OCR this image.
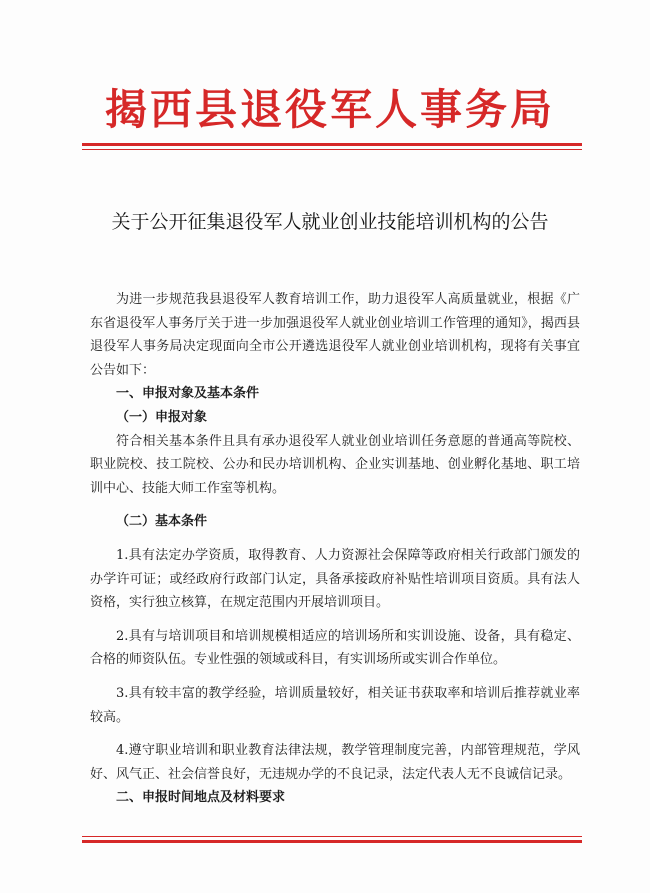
揭西县退役军人事务局
关于公开征集退役军人就业创业技能培训机构的公告

为进一步规范我县退役军人教育培训工作，助力退役军人高质量就业，根据《广东省退役军人事务厅关于进一步加强退役军人就业创业培训工作管理的通知》，揭西县退役军人事务局决定现面向全市公开遴选退役军人就业创业培训机构，现将有关事宜公告如下：

一、申报对象及基本条件

（一）申报对象

符合相关基本条件且具有承办退役军人就业创业培训任务意愿的普通高等院校、职业院校、技工院校、公办和民办培训机构、企业实训基地、创业孵化基地、职工培训中心、技能大师工作室等机构。

（二）基本条件

1.具有法定办学资质，取得教育、人力资源社会保障等政府相关行政部门颁发的办学许可证；或经政府行政部门认定，具备承接政府补贴性培训项目资质。具有法人资格，实行独立核算，在规定范围内开展培训项目。

2.具有与培训项目和培训规模相适应的培训场所和实训设施、设备，具有稳定、合格的师资队伍。专业性强的领域或科目，有实训场所或实训合作单位。

3.具有较丰富的教学经验，培训质量较好，相关证书获取率和培训后推荐就业率较高。

4.遵守职业培训和职业教育法律法规，教学管理制度完善，内部管理规范，学风好、风气正、社会信誉良好，无违规办学的不良记录，法定代表人无不良诚信记录。

二、申报时间地点及材料要求
